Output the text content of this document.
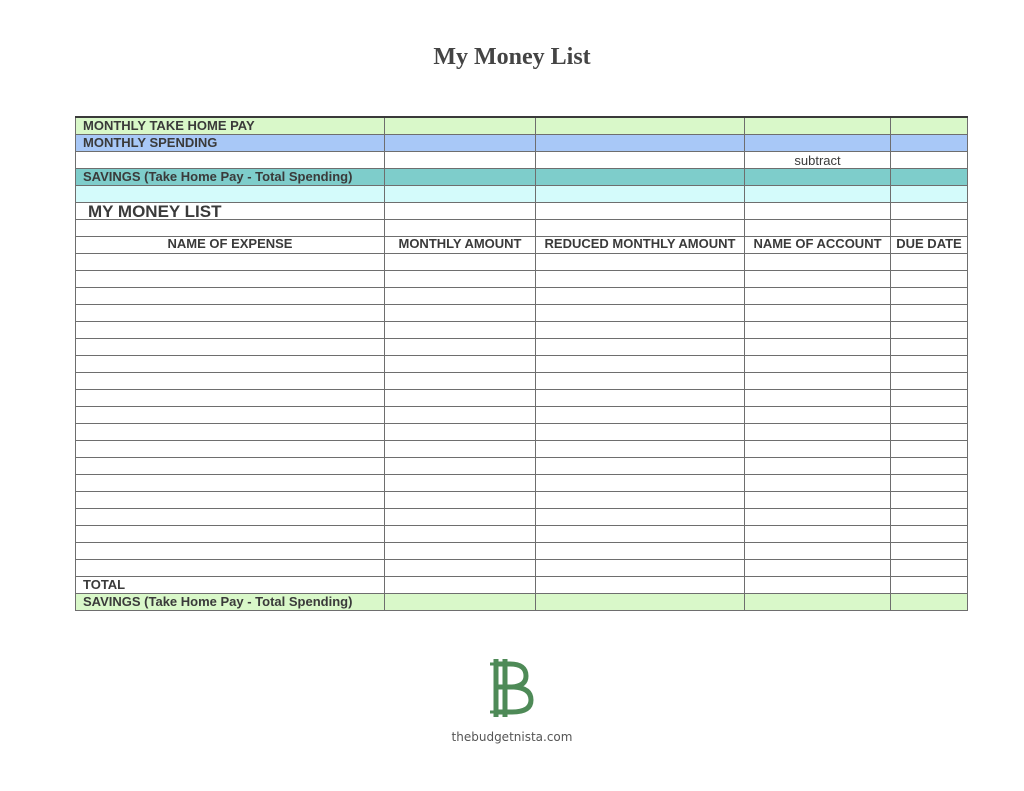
My Money List
MONTHLY TAKE HOME PAY				
MONTHLY SPENDING				
			subtract	
SAVINGS (Take Home Pay - Total Spending)				

MY MONEY LIST				

NAME OF EXPENSE	MONTHLY AMOUNT	REDUCED MONTHLY AMOUNT	NAME OF ACCOUNT	DUE DATE

TOTAL				
SAVINGS (Take Home Pay - Total Spending)				
thebudgetnista.com
